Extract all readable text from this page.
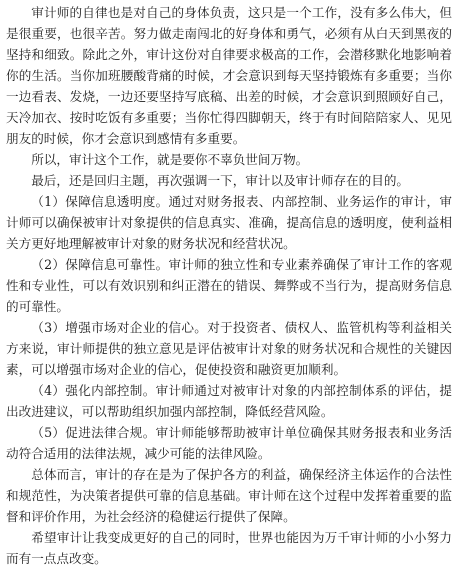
审计师的自律也是对自己的身体负责，这只是一个工作，没有多么伟大，但是很重要，也很辛苦。努力做走南闯北的好身体和勇气，必须有从白天到黑夜的坚持和细致。除此之外，审计这份对自律要求极高的工作，会潜移默化地影响着你的生活。当你加班腰酸背痛的时候，才会意识到每天坚持锻炼有多重要；当你一边看表、发烧，一边还要坚持写底稿、出差的时候，才会意识到照顾好自己，天冷加衣、按时吃饭有多重要；当你忙得四脚朝天，终于有时间陪陪家人、见见朋友的时候，你才会意识到感情有多重要。

所以，审计这个工作，就是要你不辜负世间万物。

最后，还是回归主题，再次强调一下，审计以及审计师存在的目的。

（1）保障信息透明度。通过对财务报表、内部控制、业务运作的审计，审计师可以确保被审计对象提供的信息真实、准确，提高信息的透明度，使利益相关方更好地理解被审计对象的财务状况和经营状况。

（2）保障信息可靠性。审计师的独立性和专业素养确保了审计工作的客观性和专业性，可以有效识别和纠正潜在的错误、舞弊或不当行为，提高财务信息的可靠性。

（3）增强市场对企业的信心。对于投资者、债权人、监管机构等利益相关方来说，审计师提供的独立意见是评估被审计对象的财务状况和合规性的关键因素，可以增强市场对企业的信心，促使投资和融资更加顺利。

（4）强化内部控制。审计师通过对被审计对象的内部控制体系的评估，提出改进建议，可以帮助组织加强内部控制，降低经营风险。

（5）促进法律合规。审计师能够帮助被审计单位确保其财务报表和业务活动符合适用的法律法规，减少可能的法律风险。

总体而言，审计的存在是为了保护各方的利益，确保经济主体运作的合法性和规范性，为决策者提供可靠的信息基础。审计师在这个过程中发挥着重要的监督和评价作用，为社会经济的稳健运行提供了保障。

希望审计让我变成更好的自己的同时，世界也能因为万千审计师的小小努力而有一点点改变。
